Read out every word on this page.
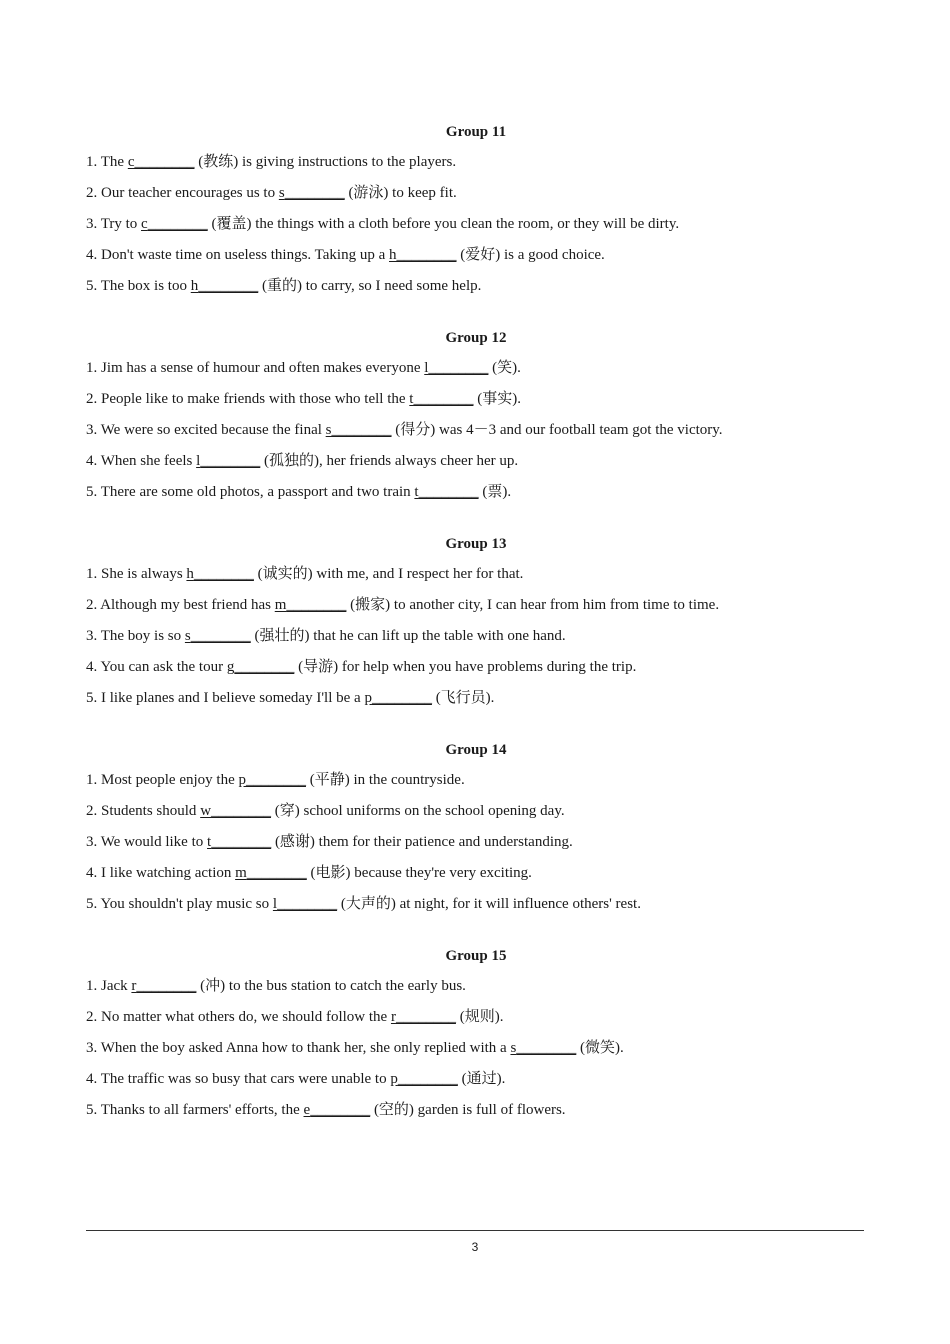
Group 11
1. The c________ (教练) is giving instructions to the players.
2. Our teacher encourages us to s________ (游泳) to keep fit.
3. Try to c________ (覆盖) the things with a cloth before you clean the room, or they will be dirty.
4. Don't waste time on useless things. Taking up a h________ (爱好) is a good choice.
5. The box is too h________ (重的) to carry, so I need some help.
Group 12
1. Jim has a sense of humour and often makes everyone l________ (笑).
2. People like to make friends with those who tell the t________ (事实).
3. We were so excited because the final s________ (得分) was 4－3 and our football team got the victory.
4. When she feels l________ (孤独的), her friends always cheer her up.
5. There are some old photos, a passport and two train t________ (票).
Group 13
1. She is always h________ (诚实的) with me, and I respect her for that.
2. Although my best friend has m________ (搬家) to another city, I can hear from him from time to time.
3. The boy is so s________ (强壮的) that he can lift up the table with one hand.
4. You can ask the tour g________ (导游) for help when you have problems during the trip.
5. I like planes and I believe someday I'll be a p________ (飞行员).
Group 14
1. Most people enjoy the p________ (平静) in the countryside.
2. Students should w________ (穿) school uniforms on the school opening day.
3. We would like to t________ (感谢) them for their patience and understanding.
4. I like watching action m________ (电影) because they're very exciting.
5. You shouldn't play music so l________ (大声的) at night, for it will influence others' rest.
Group 15
1. Jack r________ (冲) to the bus station to catch the early bus.
2. No matter what others do, we should follow the r________ (规则).
3. When the boy asked Anna how to thank her, she only replied with a s________ (微笑).
4. The traffic was so busy that cars were unable to p________ (通过).
5. Thanks to all farmers' efforts, the e________ (空的) garden is full of flowers.
3
